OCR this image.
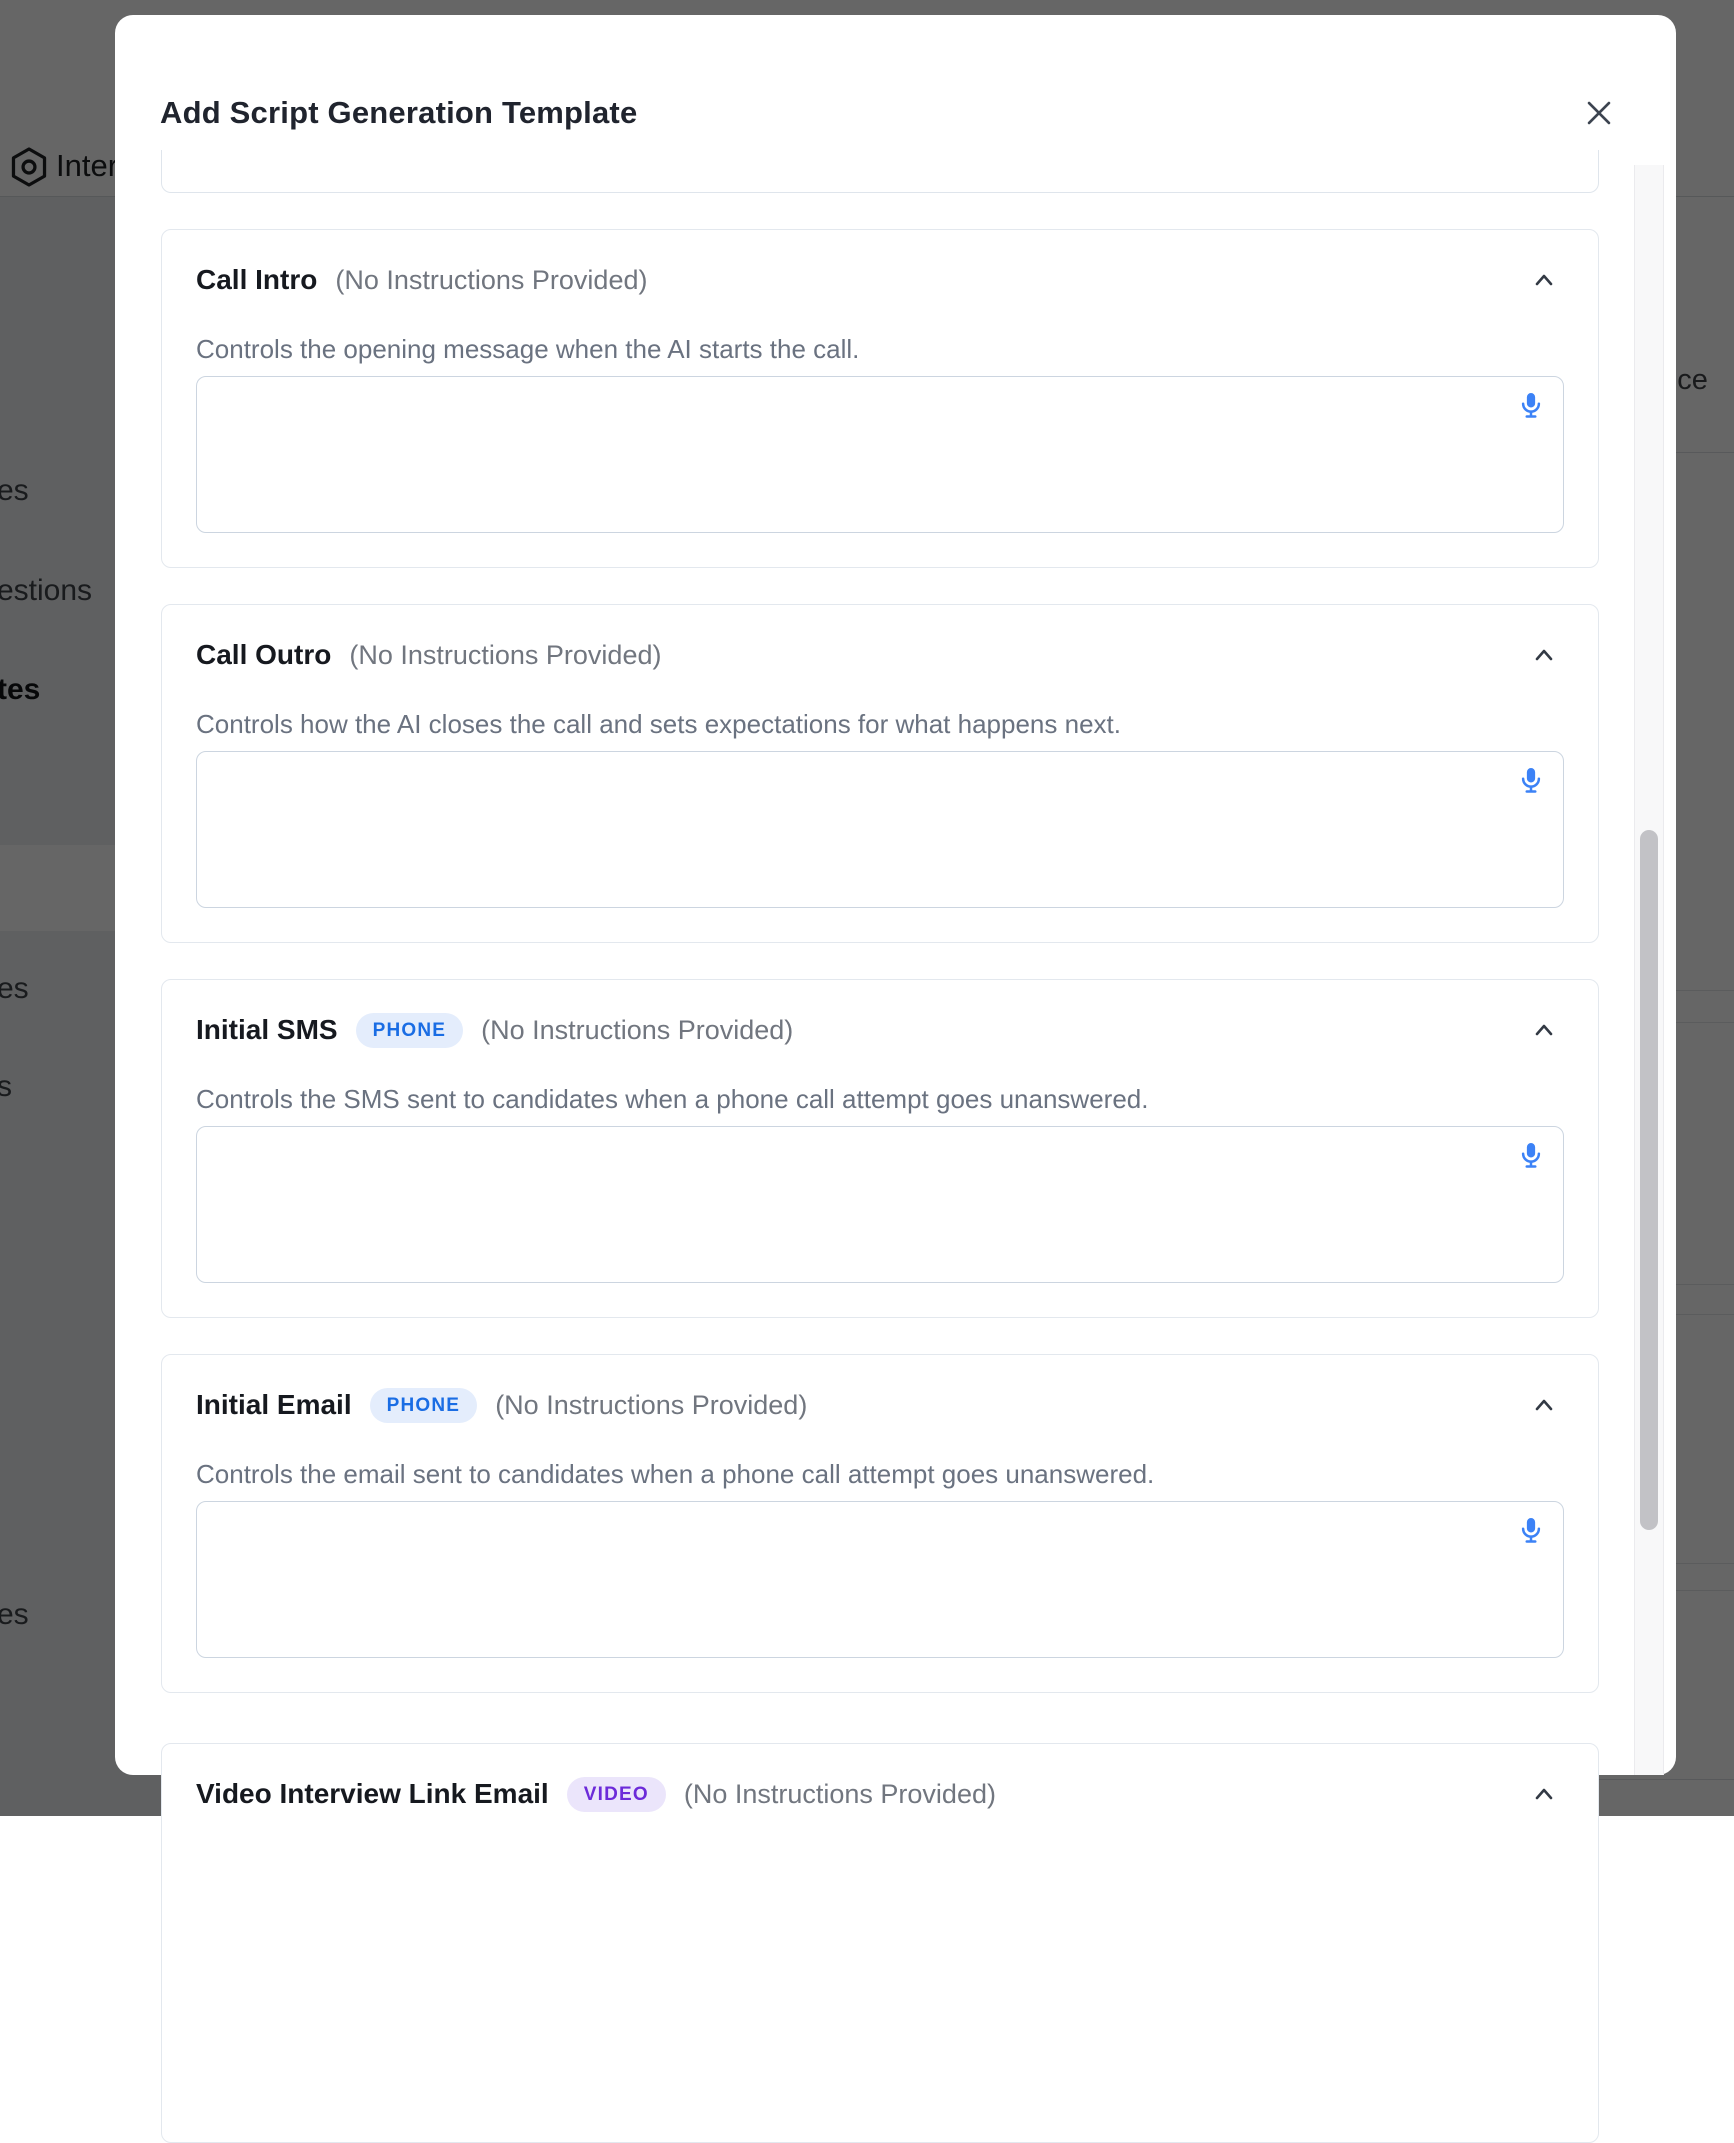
Add Script Generation Template
Call Intro (No Instructions Provided)
Controls the opening message when the AI starts the call.
Call Outro (No Instructions Provided)
Controls how the AI closes the call and sets expectations for what happens next.
Initial SMS	PHONE	(No Instructions Provided)
Controls the SMS sent to candidates when a phone call attempt goes unanswered.
Initial Email	PHONE	(No Instructions Provided)
Controls the email sent to candidates when a phone call attempt goes unanswered.
Video Interview Link Email	VIDEO	(No Instructions Provided)
